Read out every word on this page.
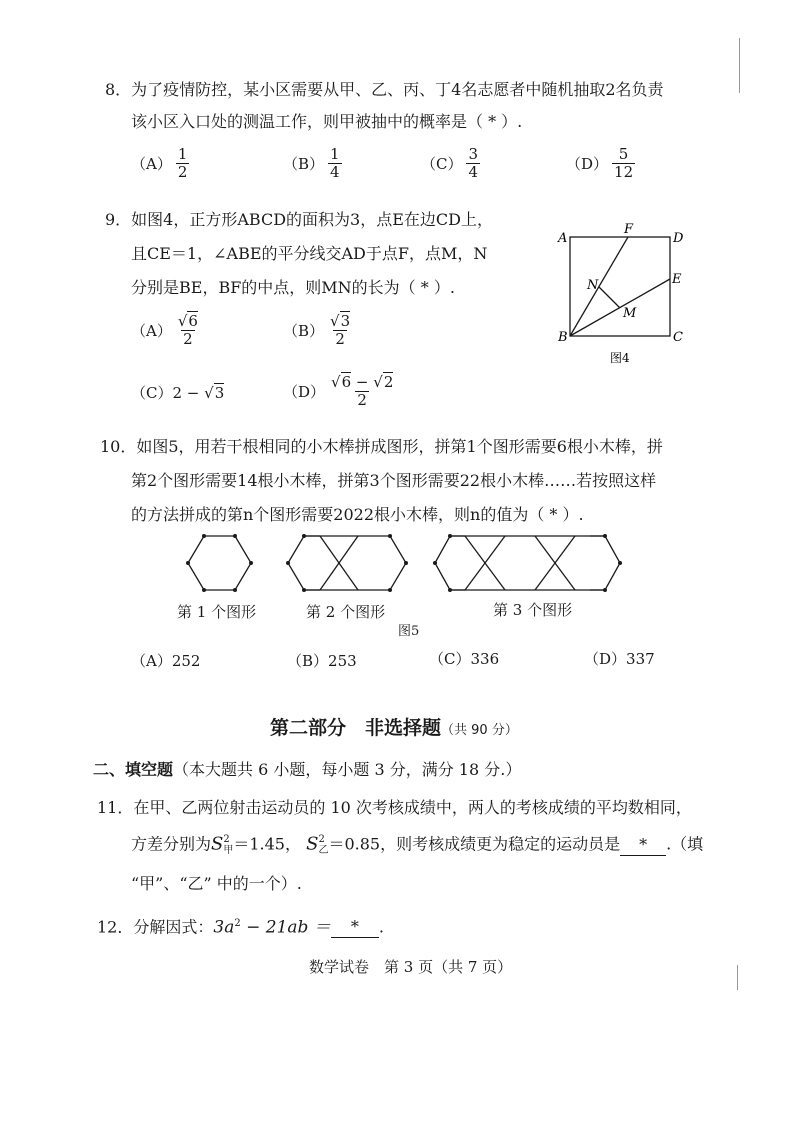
8．为了疫情防控，某小区需要从甲、乙、丙、丁4名志愿者中随机抽取2名负责
该小区入口处的测温工作，则甲被抽中的概率是（ * ）.
$(A) \frac{1}{2}$	$(B) \frac{1}{4}$	$(C) \frac{3}{4}$	$(D) \frac{5}{12}$
9．如图4，正方形ABCD的面积为3，点E在边CD上，
且CE＝1，∠ABE的平分线交AD于点F，点M，N
分别是BE，BF的中点，则MN的长为（ * ）.
$(A) \frac{√6}{2}$	$(B) \frac{√3}{2}$
（C） 2 − √ 3	$(D) \frac{√6 - √2}{2}$
A	D
B	C
E
F
N
M
图4
10．如图5，用若干根相同的小木棒拼成图形，拼第1个图形需要6根小木棒，拼
第2个图形需要14根小木棒，拼第3个图形需要22根小木棒……若按照这样
的方法拼成的第n个图形需要2022根小木棒，则n的值为（ * ）.
第 1 个图形	第 2 个图形	第 3 个图形
图5
（A） 252	（B） 253	（C） 336	（D） 337
第二部分　非选择题（共 90 分）
二、填空题（本大题共 6 小题，每小题 3 分，满分 18 分.）
11．在甲、乙两位射击运动员的 10 次考核成绩中，两人的考核成绩的平均数相同，
方差分别为S 2
甲 ＝1.45， S 2
乙 ＝0.85，则考核成绩更为稳定的运动员是 * .（填
“甲”、“乙” 中的一个）.
12．分解因式：$3a^2 - 21ab$ ＝ * .
数学试卷　第 3 页（共 7 页）
